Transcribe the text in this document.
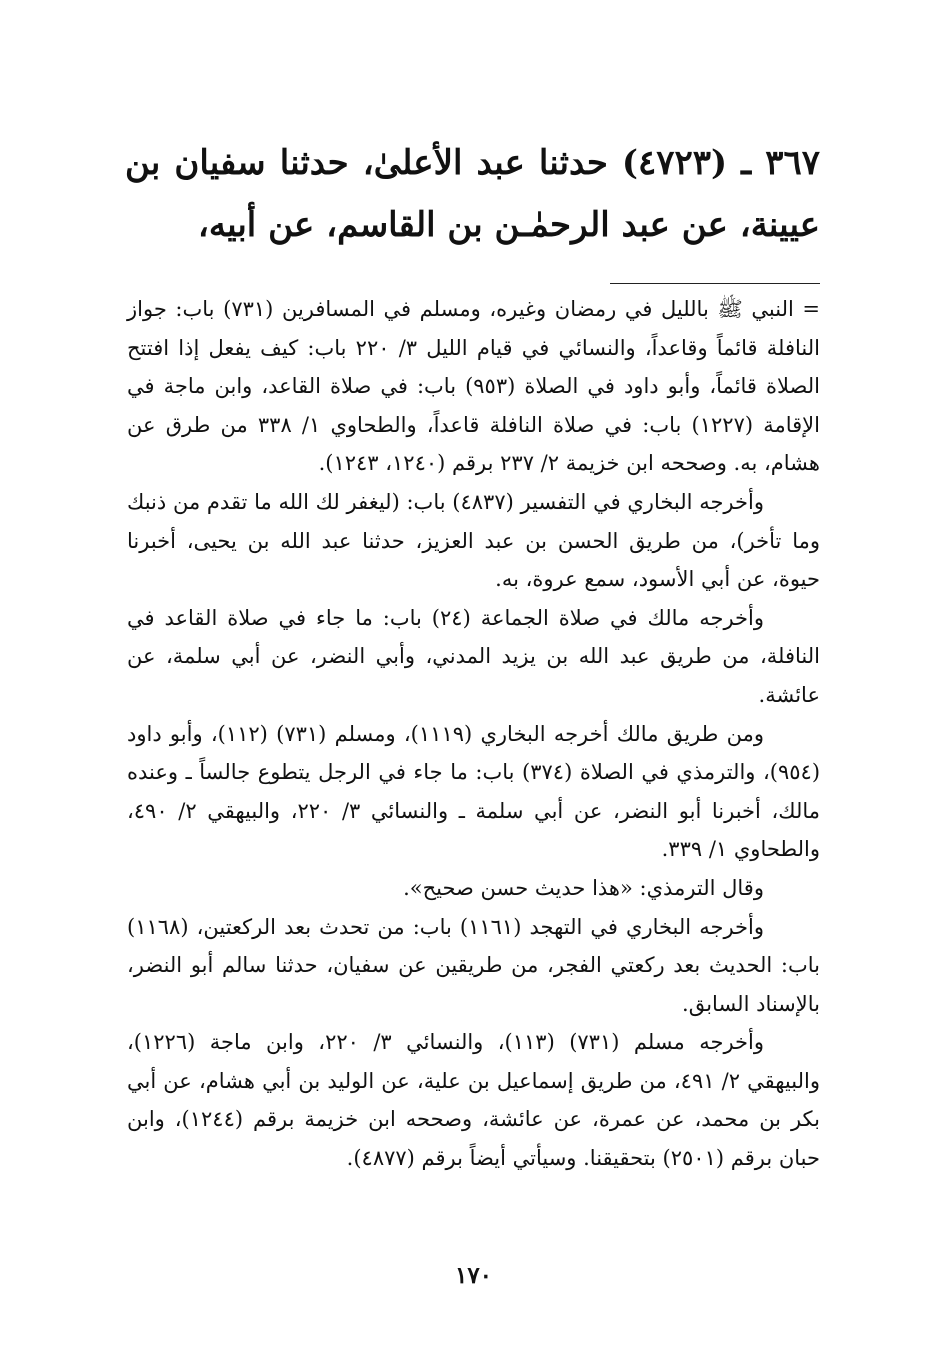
٣٦٧ ـ (٤٧٢٣) حدثنا عبد الأعلىٰ، حدثنا سفيان بن عيينة، عن عبد الرحمٰـن بن القاسم، عن أبيه،

= النبي ﷺ بالليل في رمضان وغيره، ومسلم في المسافرين (٧٣١) باب: جواز النافلة قائماً وقاعداً، والنسائي في قيام الليل ٣/ ٢٢٠ باب: كيف يفعل إذا افتتح الصلاة قائماً، وأبو داود في الصلاة (٩٥٣) باب: في صلاة القاعد، وابن ماجة في الإقامة (١٢٢٧) باب: في صلاة النافلة قاعداً، والطحاوي ١/ ٣٣٨ من طرق عن هشام، به. وصححه ابن خزيمة ٢/ ٢٣٧ برقم (١٢٤٠، ١٢٤٣).

وأخرجه البخاري في التفسير (٤٨٣٧) باب: (ليغفر لك الله ما تقدم من ذنبك وما تأخر)، من طريق الحسن بن عبد العزيز، حدثنا عبد الله بن يحيى، أخبرنا حيوة، عن أبي الأسود، سمع عروة، به.

وأخرجه مالك في صلاة الجماعة (٢٤) باب: ما جاء في صلاة القاعد في النافلة، من طريق عبد الله بن يزيد المدني، وأبي النضر، عن أبي سلمة، عن عائشة.

ومن طريق مالك أخرجه البخاري (١١١٩)، ومسلم (٧٣١) (١١٢)، وأبو داود (٩٥٤)، والترمذي في الصلاة (٣٧٤) باب: ما جاء في الرجل يتطوع جالساً ـ وعنده مالك، أخبرنا أبو النضر، عن أبي سلمة ـ والنسائي ٣/ ٢٢٠، والبيهقي ٢/ ٤٩٠، والطحاوي ١/ ٣٣٩.

وقال الترمذي: «هذا حديث حسن صحيح».

وأخرجه البخاري في التهجد (١١٦١) باب: من تحدث بعد الركعتين، (١١٦٨) باب: الحديث بعد ركعتي الفجر، من طريقين عن سفيان، حدثنا سالم أبو النضر، بالإسناد السابق.

وأخرجه مسلم (٧٣١) (١١٣)، والنسائي ٣/ ٢٢٠، وابن ماجة (١٢٢٦)، والبيهقي ٢/ ٤٩١، من طريق إسماعيل بن علية، عن الوليد بن أبي هشام، عن أبي بكر بن محمد، عن عمرة، عن عائشة، وصححه ابن خزيمة برقم (١٢٤٤)، وابن حبان برقم (٢٥٠١) بتحقيقنا. وسيأتي أيضاً برقم (٤٨٧٧).

١٧٠
